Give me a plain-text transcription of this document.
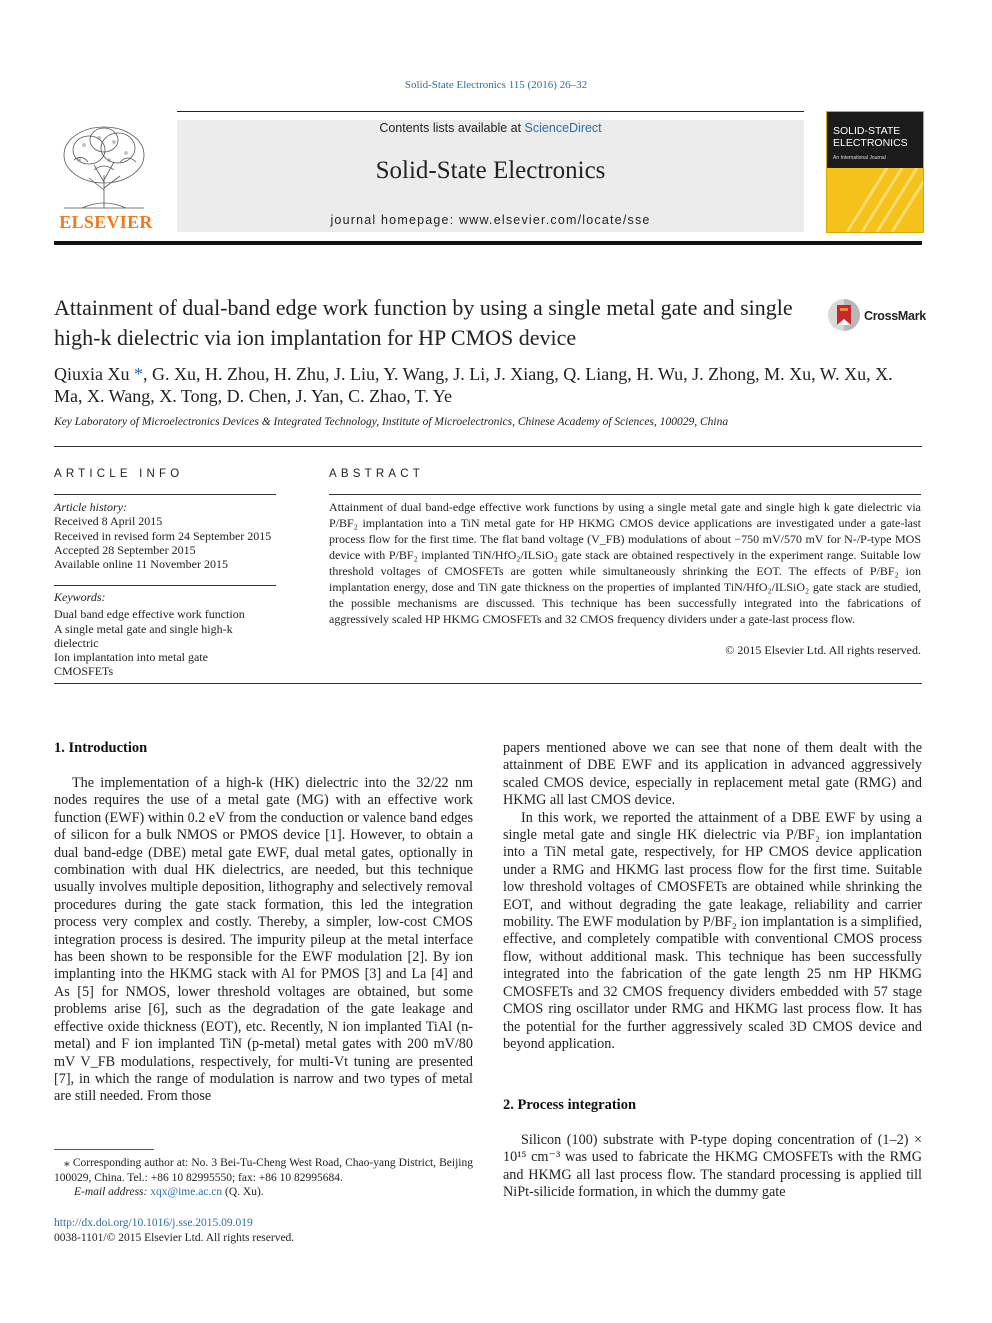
Solid-State Electronics 115 (2016) 26–32
ELSEVIER
Contents lists available at ScienceDirect
Solid-State Electronics
journal homepage: www.elsevier.com/locate/sse
SOLID-STATE
ELECTRONICS
An International Journal
Attainment of dual-band edge work function by using a single metal gate and single high-k dielectric via ion implantation for HP CMOS device
CrossMark
Qiuxia Xu *, G. Xu, H. Zhou, H. Zhu, J. Liu, Y. Wang, J. Li, J. Xiang, Q. Liang, H. Wu, J. Zhong, M. Xu, W. Xu, X. Ma, X. Wang, X. Tong, D. Chen, J. Yan, C. Zhao, T. Ye
Key Laboratory of Microelectronics Devices & Integrated Technology, Institute of Microelectronics, Chinese Academy of Sciences, 100029, China
ARTICLE INFO
Article history:
Received 8 April 2015
Received in revised form 24 September 2015
Accepted 28 September 2015
Available online 11 November 2015
Keywords:
Dual band edge effective work function
A single metal gate and single high-k
dielectric
Ion implantation into metal gate
CMOSFETs
ABSTRACT
Attainment of dual band-edge effective work functions by using a single metal gate and single high k gate dielectric via P/BF₂ implantation into a TiN metal gate for HP HKMG CMOS device applications are investigated under a gate-last process flow for the first time. The flat band voltage (V_FB) modulations of about −750 mV/570 mV for N-/P-type MOS device with P/BF₂ implanted TiN/HfO₂/ILSiO₂ gate stack are obtained respectively in the experiment range. Suitable low threshold voltages of CMOSFETs are gotten while simultaneously shrinking the EOT. The effects of P/BF₂ ion implantation energy, dose and TiN gate thickness on the properties of implanted TiN/HfO₂/ILSiO₂ gate stack are studied, the possible mechanisms are discussed. This technique has been successfully integrated into the fabrications of aggressively scaled HP HKMG CMOSFETs and 32 CMOS frequency dividers under a gate-last process flow.
© 2015 Elsevier Ltd. All rights reserved.
1. Introduction

The implementation of a high-k (HK) dielectric into the 32/22 nm nodes requires the use of a metal gate (MG) with an effective work function (EWF) within 0.2 eV from the conduction or valence band edges of silicon for a bulk NMOS or PMOS device [1]. However, to obtain a dual band-edge (DBE) metal gate EWF, dual metal gates, optionally in combination with dual HK dielectrics, are needed, but this technique usually involves multiple deposition, lithography and selectively removal procedures during the gate stack formation, this led the integration process very complex and costly. Thereby, a simpler, low-cost CMOS integration process is desired. The impurity pileup at the metal interface has been shown to be responsible for the EWF modulation [2]. By ion implanting into the HKMG stack with Al for PMOS [3] and La [4] and As [5] for NMOS, lower threshold voltages are obtained, but some problems arise [6], such as the degradation of the gate leakage and effective oxide thickness (EOT), etc. Recently, N ion implanted TiAl (n-metal) and F ion implanted TiN (p-metal) metal gates with 200 mV/80 mV V_FB modulations, respectively, for multi-Vt tuning are presented [7], in which the range of modulation is narrow and two types of metal are still needed. From those

⁎ Corresponding author at: No. 3 Bei-Tu-Cheng West Road, Chao-yang District, Beijing 100029, China. Tel.: +86 10 82995550; fax: +86 10 82995684.
E-mail address: xqx@ime.ac.cn (Q. Xu).
http://dx.doi.org/10.1016/j.sse.2015.09.019
0038-1101/© 2015 Elsevier Ltd. All rights reserved.

papers mentioned above we can see that none of them dealt with the attainment of DBE EWF and its application in advanced aggressively scaled CMOS device, especially in replacement metal gate (RMG) and HKMG all last CMOS device.

In this work, we reported the attainment of a DBE EWF by using a single metal gate and single HK dielectric via P/BF₂ ion implantation into a TiN metal gate, respectively, for HP CMOS device application under a RMG and HKMG last process flow for the first time. Suitable low threshold voltages of CMOSFETs are obtained while shrinking the EOT, and without degrading the gate leakage, reliability and carrier mobility. The EWF modulation by P/BF₂ ion implantation is a simplified, effective, and completely compatible with conventional CMOS process flow, without additional mask. This technique has been successfully integrated into the fabrication of the gate length 25 nm HP HKMG CMOSFETs and 32 CMOS frequency dividers embedded with 57 stage CMOS ring oscillator under RMG and HKMG last process flow. It has the potential for the further aggressively scaled 3D CMOS device and beyond application.

2. Process integration

Silicon (100) substrate with P-type doping concentration of (1–2) × 10¹⁵ cm⁻³ was used to fabricate the HKMG CMOSFETs with the RMG and HKMG all last process flow. The standard processing is applied till NiPt-silicide formation, in which the dummy gate
